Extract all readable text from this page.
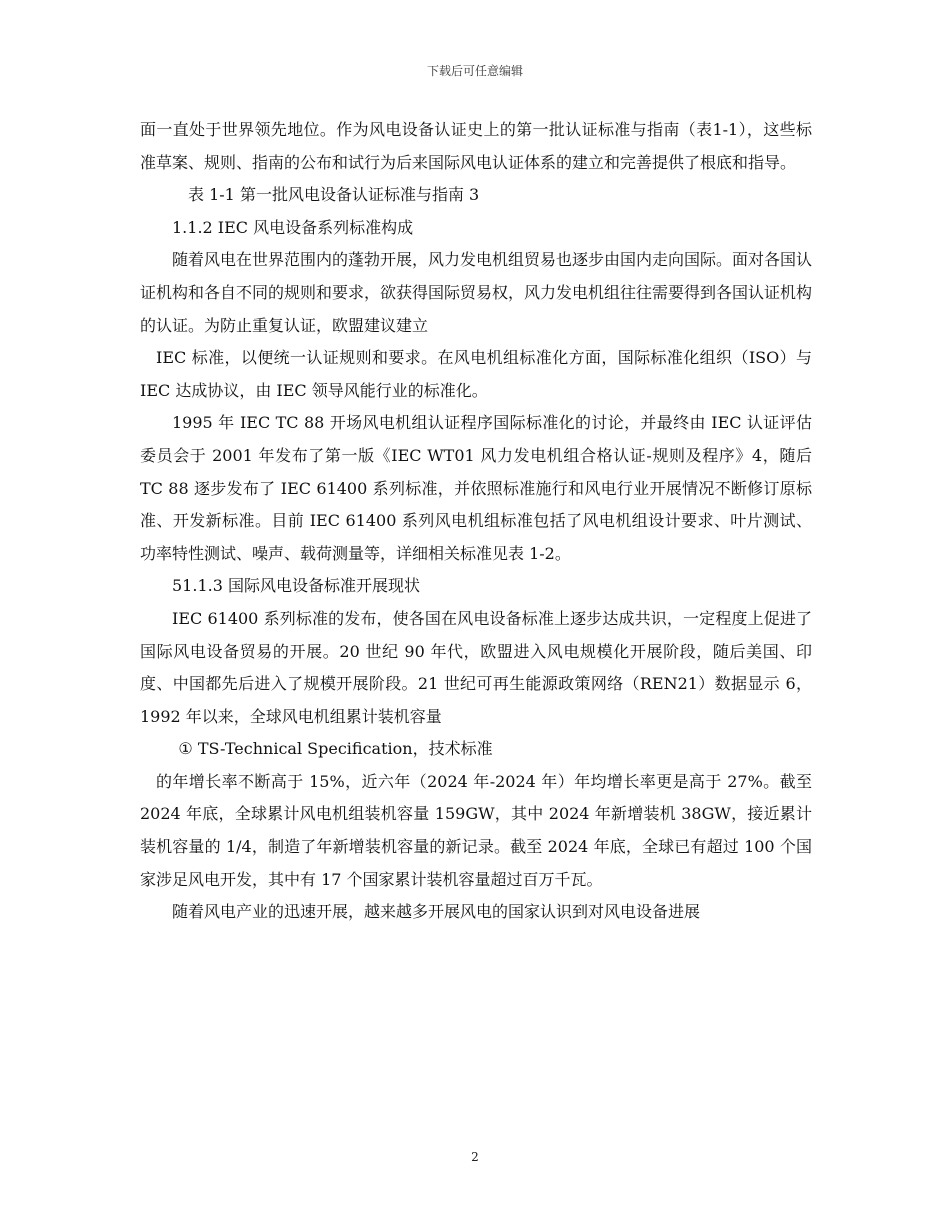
下载后可任意编辑

面一直处于世界领先地位。作为风电设备认证史上的第一批认证标准与指南（表1-1），这些标准草案、规则、指南的公布和试行为后来国际风电认证体系的建立和完善提供了根底和指导。

表 1-1 第一批风电设备认证标准与指南 3

1.1.2 IEC 风电设备系列标准构成

随着风电在世界范围内的蓬勃开展，风力发电机组贸易也逐步由国内走向国际。面对各国认证机构和各自不同的规则和要求，欲获得国际贸易权，风力发电机组往往需要得到各国认证机构的认证。为防止重复认证，欧盟建议建立

IEC 标准，以便统一认证规则和要求。在风电机组标准化方面，国际标准化组织（ISO）与 IEC 达成协议，由 IEC 领导风能行业的标准化。

1995 年 IEC TC 88 开场风电机组认证程序国际标准化的讨论，并最终由 IEC 认证评估委员会于 2001 年发布了第一版《IEC WT01 风力发电机组合格认证-规则及程序》4，随后 TC 88 逐步发布了 IEC 61400 系列标准，并依照标准施行和风电行业开展情况不断修订原标准、开发新标准。目前 IEC 61400 系列风电机组标准包括了风电机组设计要求、叶片测试、功率特性测试、噪声、载荷测量等，详细相关标准见表 1-2。

51.1.3 国际风电设备标准开展现状

IEC 61400 系列标准的发布，使各国在风电设备标准上逐步达成共识，一定程度上促进了国际风电设备贸易的开展。20 世纪 90 年代，欧盟进入风电规模化开展阶段，随后美国、印度、中国都先后进入了规模开展阶段。21 世纪可再生能源政策网络（REN21）数据显示 6，1992 年以来，全球风电机组累计装机容量

① TS-Technical Specification，技术标准

的年增长率不断高于 15%，近六年（2024 年-2024 年）年均增长率更是高于 27%。截至 2024 年底，全球累计风电机组装机容量 159GW，其中 2024 年新增装机 38GW，接近累计装机容量的 1/4，制造了年新增装机容量的新记录。截至 2024 年底，全球已有超过 100 个国家涉足风电开发，其中有 17 个国家累计装机容量超过百万千瓦。

随着风电产业的迅速开展，越来越多开展风电的国家认识到对风电设备进展

2
